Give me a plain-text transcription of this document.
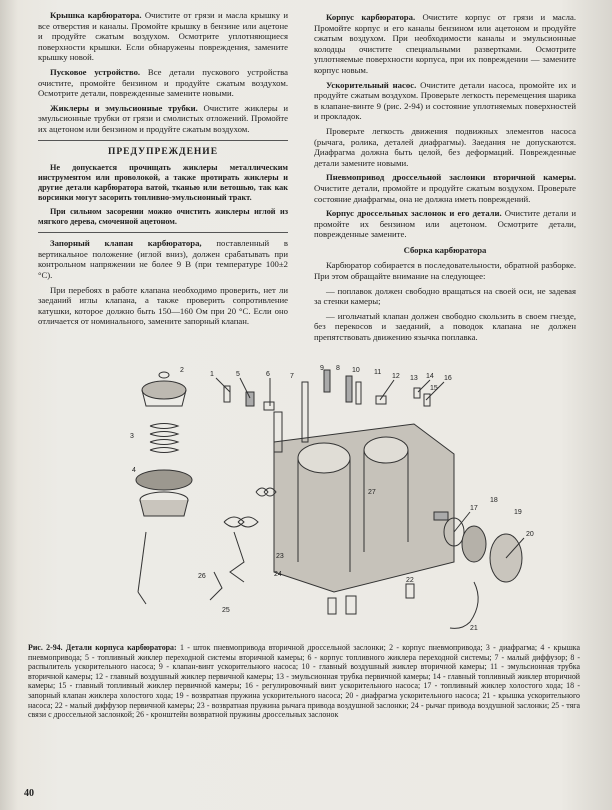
Крышка карбюратора. Очистите от грязи и масла крышку и все отверстия и каналы. Промойте крышку в бензине или ацетоне и продуйте сжатым воздухом. Осмотрите уплотняющиеся поверхности крышки. Если обнаружены повреждения, замените крышку новой.

Пусковое устройство. Все детали пускового устройства очистите, промойте бензином и продуйте сжатым воздухом. Осмотрите детали, поврежденные замените новыми.

Жиклеры и эмульсионные трубки. Очистите жиклеры и эмульсионные трубки от грязи и смолистых отложений. Промойте их ацетоном или бензином и продуйте сжатым воздухом.

ПРЕДУПРЕЖДЕНИЕ

Не допускается прочищать жиклеры металлическим инструментом или проволокой, а также протирать жиклеры и другие детали карбюратора ватой, тканью или ветошью, так как ворсинки могут засорить топливно-эмульсионный тракт.

При сильном засорении можно очистить жиклеры иглой из мягкого дерева, смоченной ацетоном.

Запорный клапан карбюратора, поставленный в вертикальное положение (иглой вниз), должен срабатывать при контрольном напряжении не более 9 В (при температуре 100±2 °С).

При перебоях в работе клапана необходимо проверить, нет ли заеданий иглы клапана, а также проверить сопротивление катушки, которое должно быть 150—160 Ом при 20 °С. Если оно отличается от номинального, замените запорный клапан.

Корпус карбюратора. Очистите корпус от грязи и масла. Промойте корпус и его каналы бензином или ацетоном и продуйте сжатым воздухом. При необходимости каналы и эмульсионные колодцы очистите специальными развертками. Осмотрите уплотняемые поверхности корпуса, при их повреждении — замените корпус новым.

Ускорительный насос. Очистите детали насоса, промойте их и продуйте сжатым воздухом. Проверьте легкость перемещения шарика в клапане-винте 9 (рис. 2-94) и состояние уплотняемых поверхностей и прокладок.

Проверьте легкость движения подвижных элементов насоса (рычага, ролика, деталей диафрагмы). Заедания не допускаются. Диафрагма должна быть целой, без деформаций. Поврежденные детали замените новыми.

Пневмопривод дроссельной заслонки вторичной камеры. Очистите детали, промойте и продуйте сжатым воздухом. Проверьте состояние диафрагмы, она не должна иметь повреждений.

Корпус дроссельных заслонок и его детали. Очистите детали и промойте их бензином или ацетоном. Осмотрите детали, поврежденные замените.

Сборка карбюратора

Карбюратор собирается в последовательности, обратной разборке. При этом обращайте внимание на следующее:

— поплавок должен свободно вращаться на своей оси, не задевая за стенки камеры;

— игольчатый клапан должен свободно скользить в своем гнезде, без перекосов и заеданий, а поводок клапана не должен препятствовать движению язычка поплавка.

1
2
3
4
5	6	7
8
9	10 11
12 13 14
15
16
17
18
19
20
21
22
23
24
25
26
27
Рис. 2-94. Детали корпуса карбюратора: 1 - шток пневмопривода вторичной дроссельной заслонки; 2 - корпус пневмопривода; 3 - диафрагма; 4 - крышка пневмопривода; 5 - топливный жиклер переходной системы вторичной камеры; 6 - корпус топливного жиклера переходной системы; 7 - малый диффузор; 8 - распылитель ускорительного насоса; 9 - клапан-винт ускорительного насоса; 10 - главный воздушный жиклер вторичной камеры; 11 - эмульсионная трубка вторичной камеры; 12 - главный воздушный жиклер первичной камеры; 13 - эмульсионная трубка первичной камеры; 14 - главный топливный жиклер вторичной камеры; 15 - главный топливный жиклер первичной камеры; 16 - регулировочный винт ускорительного насоса; 17 - топливный жиклер холостого хода; 18 - запорный клапан жиклера холостого хода; 19 - возвратная пружина ускорительного насоса; 20 - диафрагма ускорительного насоса; 21 - крышка ускорительного насоса; 22 - малый диффузор первичной камеры; 23 - возвратная пружина рычага привода воздушной заслонки; 24 - рычаг привода воздушной заслонки; 25 - тяга связи с дроссельной заслонкой; 26 - кронштейн возвратной пружины дроссельных заслонок
40
